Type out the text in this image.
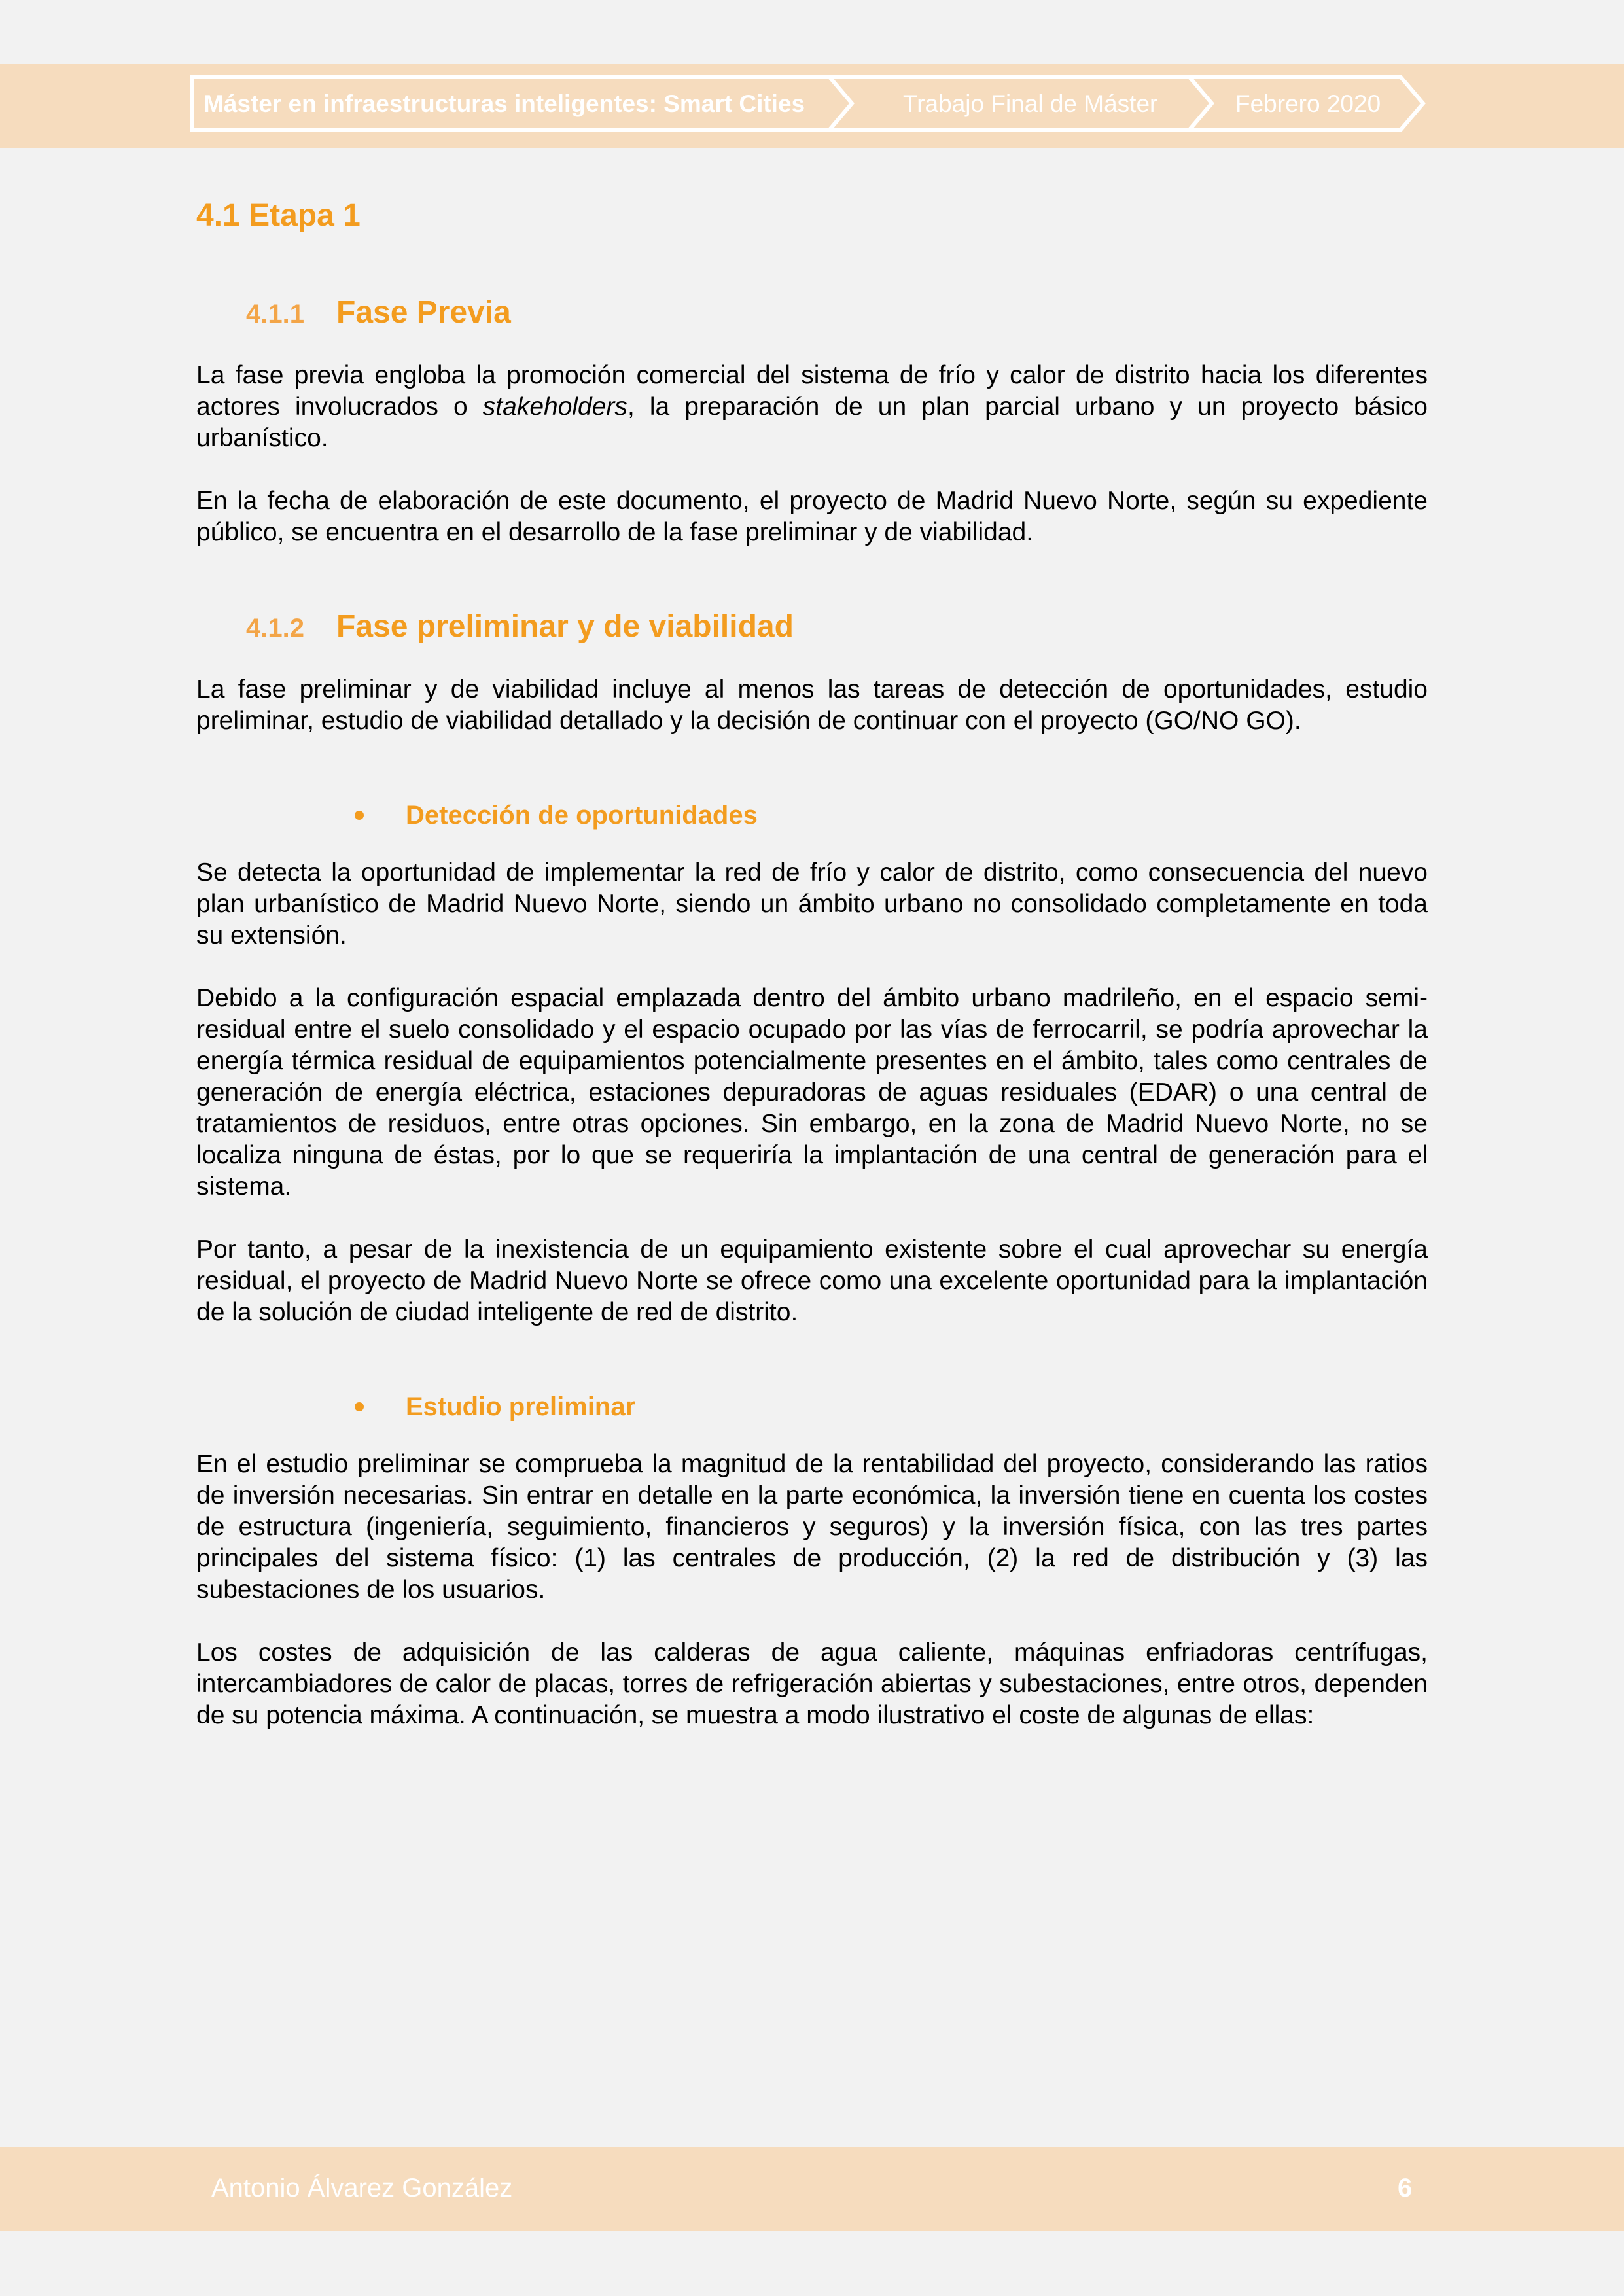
Máster en infraestructuras inteligentes: Smart Cities	Trabajo Final de Máster	Febrero 2020
4.1 Etapa 1
4.1.1 Fase Previa

La fase previa engloba la promoción comercial del sistema de frío y calor de distrito hacia los diferentes actores involucrados o stakeholders, la preparación de un plan parcial urbano y un proyecto básico urbanístico.

En la fecha de elaboración de este documento, el proyecto de Madrid Nuevo Norte, según su expediente público, se encuentra en el desarrollo de la fase preliminar y de viabilidad.

4.1.2 Fase preliminar y de viabilidad

La fase preliminar y de viabilidad incluye al menos las tareas de detección de oportunidades, estudio preliminar, estudio de viabilidad detallado y la decisión de continuar con el proyecto (GO/NO GO).

Detección de oportunidades

Se detecta la oportunidad de implementar la red de frío y calor de distrito, como consecuencia del nuevo plan urbanístico de Madrid Nuevo Norte, siendo un ámbito urbano no consolidado completamente en toda su extensión.

Debido a la configuración espacial emplazada dentro del ámbito urbano madrileño, en el espacio semi-residual entre el suelo consolidado y el espacio ocupado por las vías de ferrocarril, se podría aprovechar la energía térmica residual de equipamientos potencialmente presentes en el ámbito, tales como centrales de generación de energía eléctrica, estaciones depuradoras de aguas residuales (EDAR) o una central de tratamientos de residuos, entre otras opciones. Sin embargo, en la zona de Madrid Nuevo Norte, no se localiza ninguna de éstas, por lo que se requeriría la implantación de una central de generación para el sistema.

Por tanto, a pesar de la inexistencia de un equipamiento existente sobre el cual aprovechar su energía residual, el proyecto de Madrid Nuevo Norte se ofrece como una excelente oportunidad para la implantación de la solución de ciudad inteligente de red de distrito.

Estudio preliminar

En el estudio preliminar se comprueba la magnitud de la rentabilidad del proyecto, considerando las ratios de inversión necesarias. Sin entrar en detalle en la parte económica, la inversión tiene en cuenta los costes de estructura (ingeniería, seguimiento, financieros y seguros) y la inversión física, con las tres partes principales del sistema físico: (1) las centrales de producción, (2) la red de distribución y (3) las subestaciones de los usuarios.

Los costes de adquisición de las calderas de agua caliente, máquinas enfriadoras centrífugas, intercambiadores de calor de placas, torres de refrigeración abiertas y subestaciones, entre otros, dependen de su potencia máxima. A continuación, se muestra a modo ilustrativo el coste de algunas de ellas:

Antonio Álvarez González	6
